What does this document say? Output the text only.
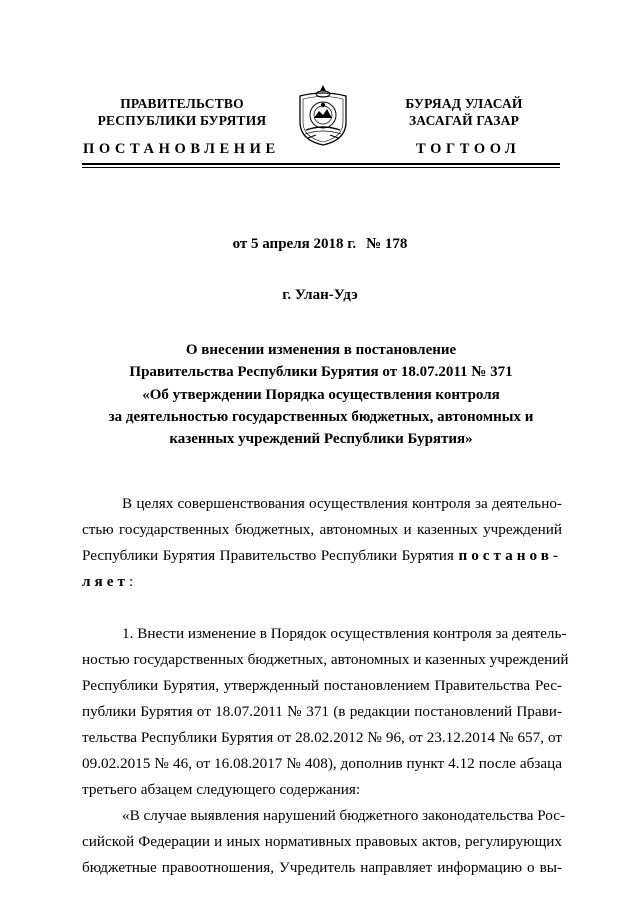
ПРАВИТЕЛЬСТВО
РЕСПУБЛИКИ БУРЯТИЯ
БУРЯАД УЛАСАЙ
ЗАСАГАЙ ГАЗАР
ПОСТАНОВЛЕНИЕ	ТОГТООЛ
от 5 апреля 2018 г. № 178
г. Улан-Удэ
О внесении изменения в постановление
Правительства Республики Бурятия от 18.07.2011 № 371
«Об утверждении Порядка осуществления контроля
за деятельностью государственных бюджетных, автономных и
казенных учреждений Республики Бурятия»
В целях совершенствования осуществления контроля за деятельно-
стью государственных бюджетных, автономных и казенных учреждений
Республики Бурятия Правительство Республики Бурятия постанов-
ляет:
1. Внести изменение в Порядок осуществления контроля за деятель-
ностью государственных бюджетных, автономных и казенных учреждений
Республики Бурятия, утвержденный постановлением Правительства Рес-
публики Бурятия от 18.07.2011 № 371 (в редакции постановлений Прави-
тельства Республики Бурятия от 28.02.2012 № 96, от 23.12.2014 № 657, от
09.02.2015 № 46, от 16.08.2017 № 408), дополнив пункт 4.12 после абзаца
третьего абзацем следующего содержания:
«В случае выявления нарушений бюджетного законодательства Рос-
сийской Федерации и иных нормативных правовых актов, регулирующих
бюджетные правоотношения, Учредитель направляет информацию о вы-
